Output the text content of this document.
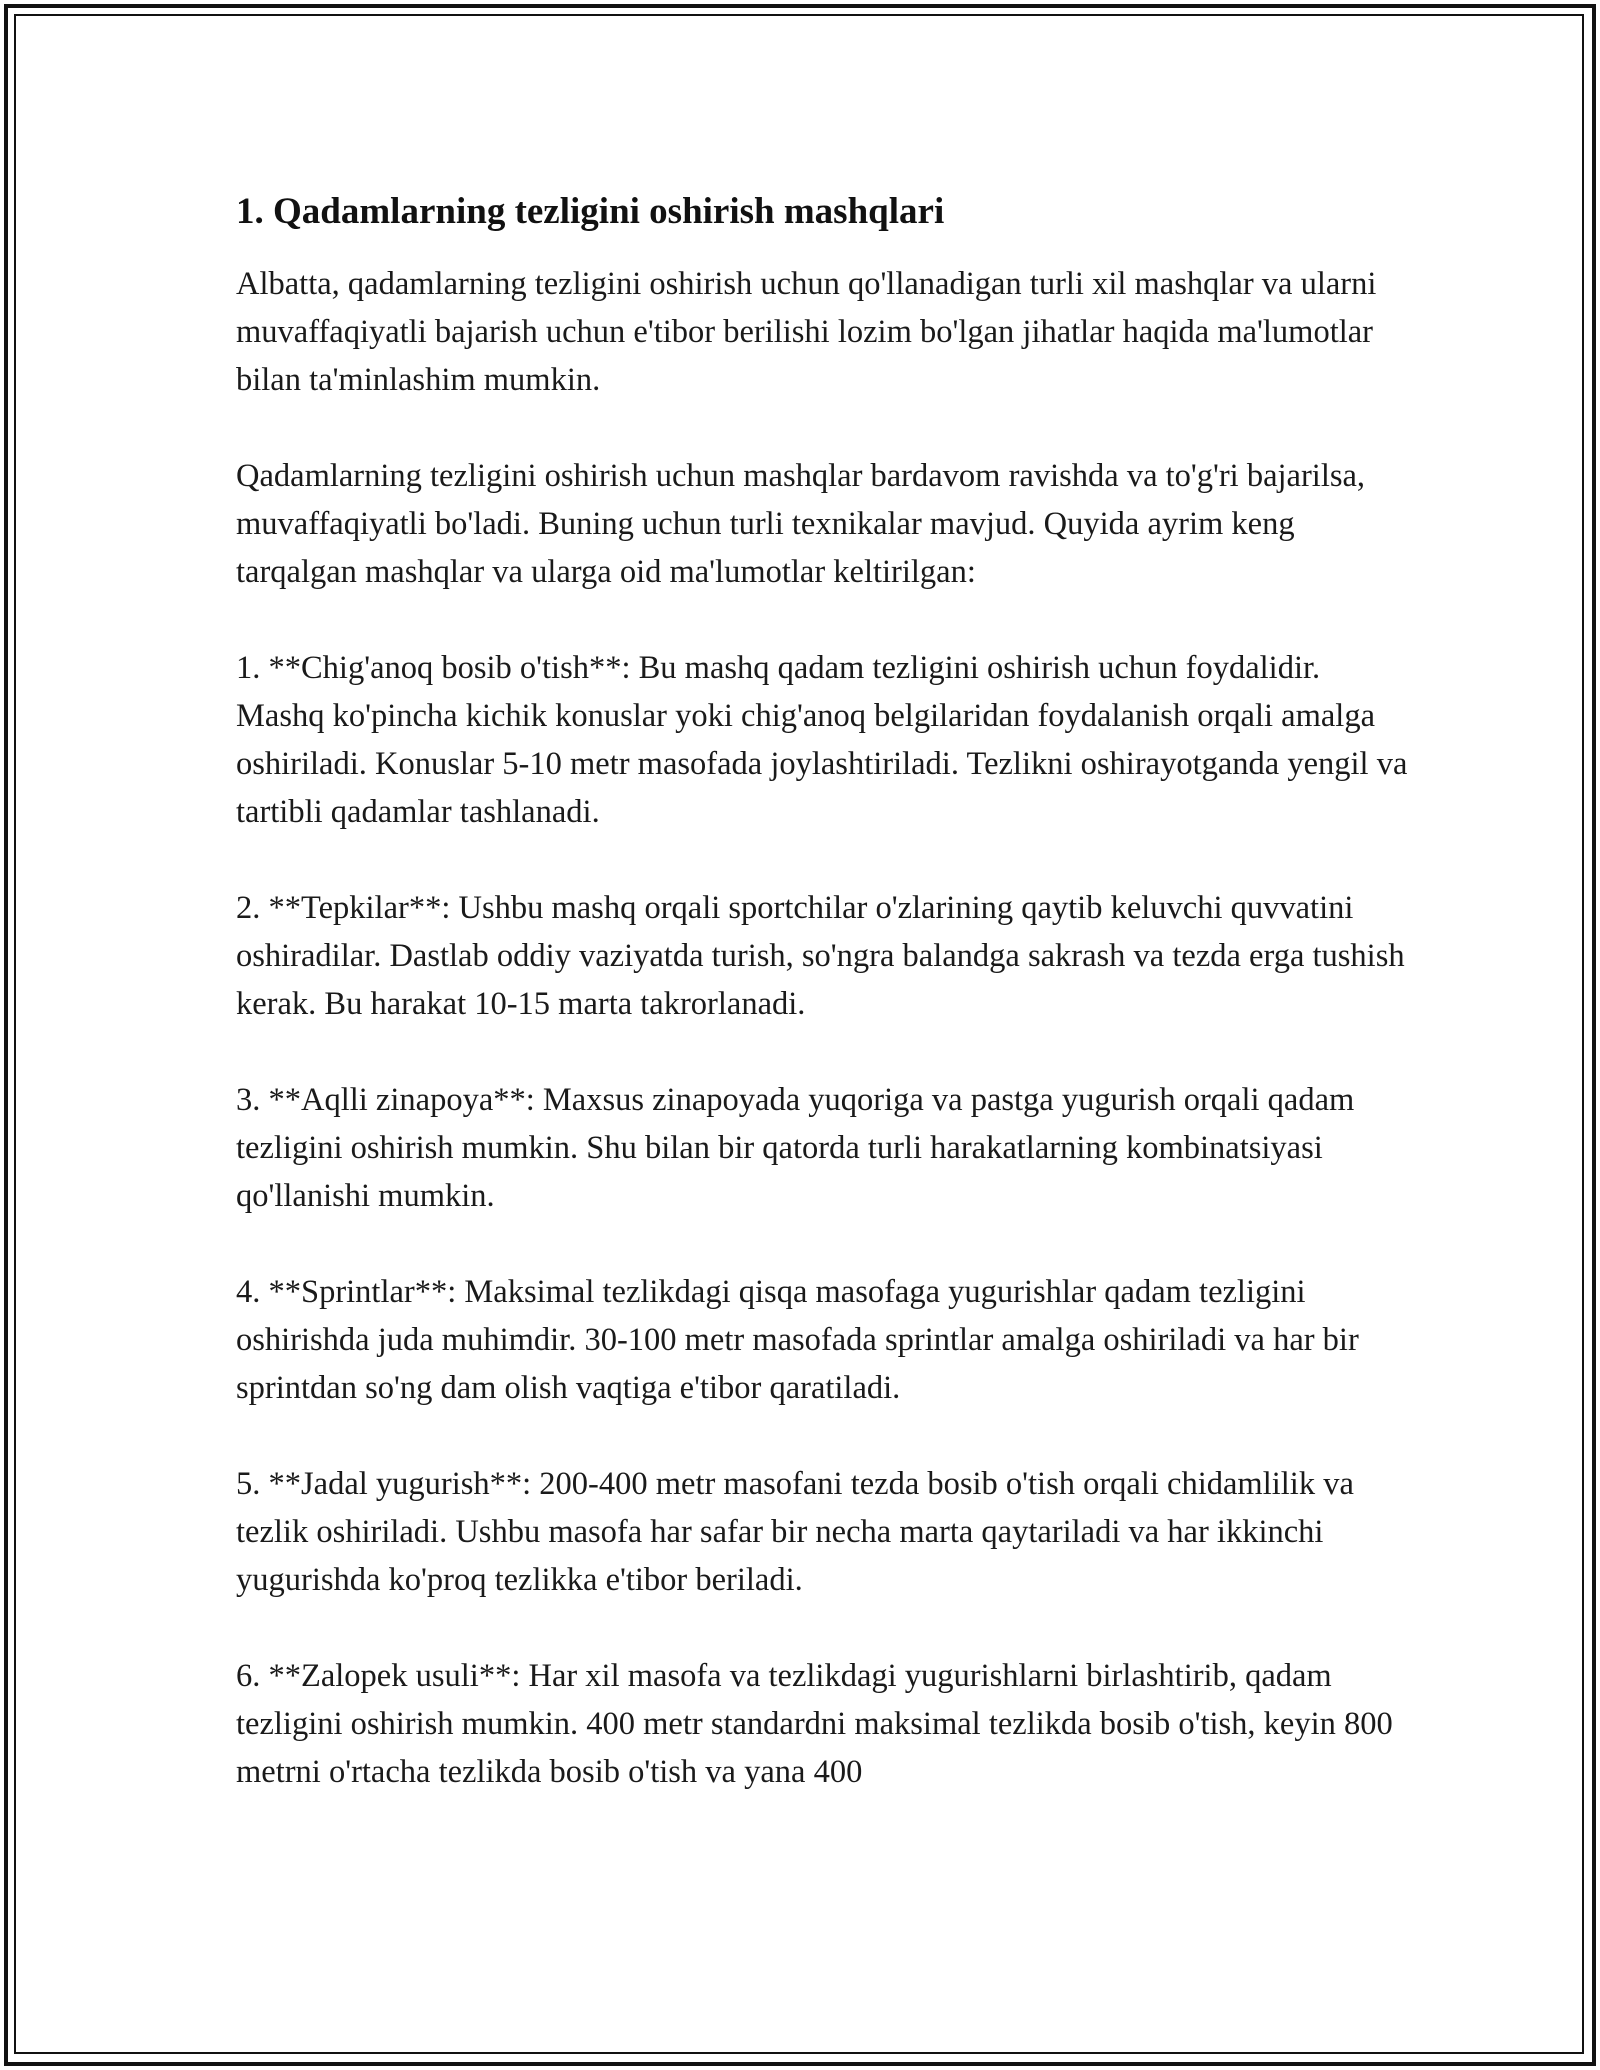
1. Qadamlarning tezligini oshirish mashqlari

Albatta, qadamlarning tezligini oshirish uchun qo'llanadigan turli xil mashqlar va ularni muvaffaqiyatli bajarish uchun e'tibor berilishi lozim bo'lgan jihatlar haqida ma'lumotlar bilan ta'minlashim mumkin.

Qadamlarning tezligini oshirish uchun mashqlar bardavom ravishda va to'g'ri bajarilsa, muvaffaqiyatli bo'ladi. Buning uchun turli texnikalar mavjud. Quyida ayrim keng tarqalgan mashqlar va ularga oid ma'lumotlar keltirilgan:

1. **Chig'anoq bosib o'tish**: Bu mashq qadam tezligini oshirish uchun foydalidir. Mashq ko'pincha kichik konuslar yoki chig'anoq belgilaridan foydalanish orqali amalga oshiriladi. Konuslar 5-10 metr masofada joylashtiriladi. Tezlikni oshirayotganda yengil va tartibli qadamlar tashlanadi.

2. **Tepkilar**: Ushbu mashq orqali sportchilar o'zlarining qaytib keluvchi quvvatini oshiradilar. Dastlab oddiy vaziyatda turish, so'ngra balandga sakrash va tezda erga tushish kerak. Bu harakat 10-15 marta takrorlanadi.

3. **Aqlli zinapoya**: Maxsus zinapoyada yuqoriga va pastga yugurish orqali qadam tezligini oshirish mumkin. Shu bilan bir qatorda turli harakatlarning kombinatsiyasi qo'llanishi mumkin.

4. **Sprintlar**: Maksimal tezlikdagi qisqa masofaga yugurishlar qadam tezligini oshirishda juda muhimdir. 30-100 metr masofada sprintlar amalga oshiriladi va har bir sprintdan so'ng dam olish vaqtiga e'tibor qaratiladi.

5. **Jadal yugurish**: 200-400 metr masofani tezda bosib o'tish orqali chidamlilik va tezlik oshiriladi. Ushbu masofa har safar bir necha marta qaytariladi va har ikkinchi yugurishda ko'proq tezlikka e'tibor beriladi.

6. **Zalopek usuli**: Har xil masofa va tezlikdagi yugurishlarni birlashtirib, qadam tezligini oshirish mumkin. 400 metr standardni maksimal tezlikda bosib o'tish, keyin 800 metrni o'rtacha tezlikda bosib o'tish va yana 400
